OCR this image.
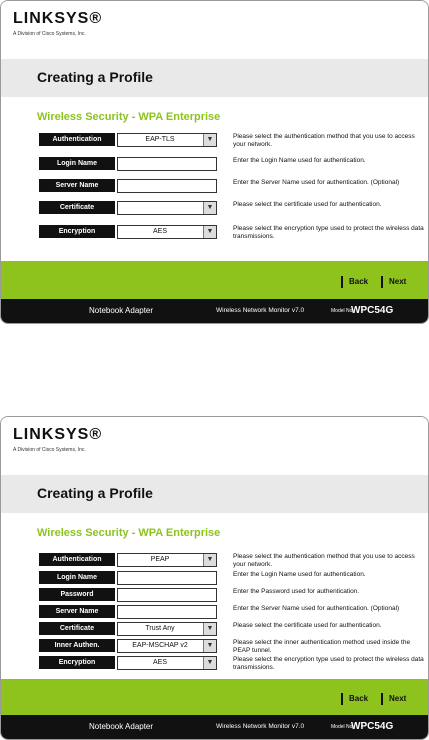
LINKSYS®
A Division of Cisco Systems, Inc.
Creating a Profile
Wireless Security - WPA Enterprise
Authentication	EAP-TLS	▼	Please select the authentication method that you use to access your network.
Login Name	Enter the Login Name used for authentication.
Server Name	Enter the Server Name used for authentication. (Optional)
Certificate	▼	Please select the certificate used for authentication.
Encryption	AES	▼	Please select the encryption type used to protect the wireless data transmissions.
Back	Next
Notebook Adapter	Wireless Network Monitor v7.0	Model No.
WPC54G
LINKSYS®
A Division of Cisco Systems, Inc.
Creating a Profile
Wireless Security - WPA Enterprise
Authentication	PEAP	▼	Please select the authentication method that you use to access your network.
Login Name	Enter the Login Name used for authentication.
Password	Enter the Password used for authentication.
Server Name	Enter the Server Name used for authentication. (Optional)
Certificate	Trust Any	▼	Please select the certificate used for authentication.
Inner Authen.	EAP-MSCHAP v2	▼	Please select the inner authentication method used inside the PEAP tunnel.
Encryption	AES	▼	Please select the encryption type used to protect the wireless data transmissions.
Back	Next
Notebook Adapter	Wireless Network Monitor v7.0	Model No.
WPC54G
